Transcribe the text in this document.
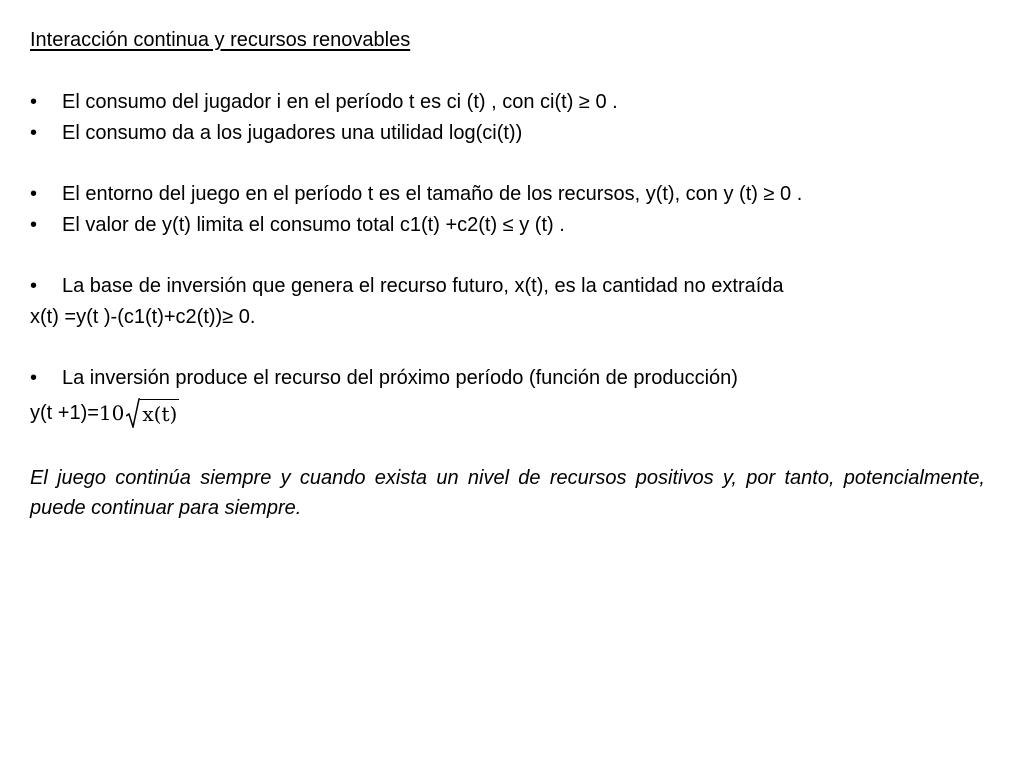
Interacción continua y recursos renovables
• El consumo del jugador i en el período t es ci (t) , con ci(t) ≥ 0 .
• El consumo da a los jugadores una utilidad log(ci(t))
• El entorno del juego en el período t es el tamaño de los recursos, y(t), con y (t) ≥ 0 .
• El valor de y(t) limita el consumo total c1(t) +c2(t) ≤ y (t) .
• La base de inversión que genera el recurso futuro, x(t), es la cantidad no extraída
x(t) =y(t )-(c1(t)+c2(t))≥ 0.
• La inversión produce el recurso del próximo período (función de producción)
y(t +1)= 10 x(t)
El juego continúa siempre y cuando exista un nivel de recursos positivos y, por tanto, potencialmente, puede continuar para siempre.
